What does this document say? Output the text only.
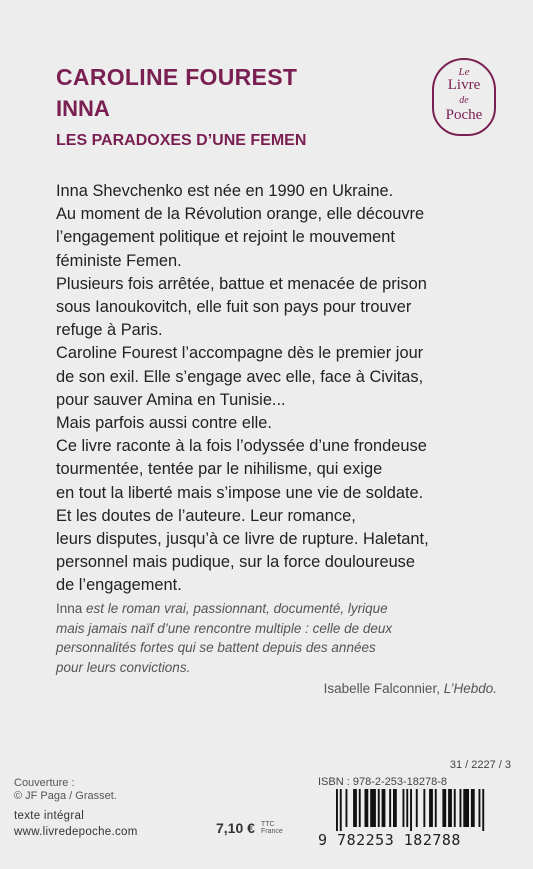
CAROLINE FOUREST
INNA
LES PARADOXES D’UNE FEMEN
Le
Livre
de
Poche

Inna Shevchenko est née en 1990 en Ukraine.

Au moment de la Révolution orange, elle découvre

l’engagement politique et rejoint le mouvement

féministe Femen.

Plusieurs fois arrêtée, battue et menacée de prison

sous Ianoukovitch, elle fuit son pays pour trouver

refuge à Paris.

Caroline Fourest l’accompagne dès le premier jour

de son exil. Elle s’engage avec elle, face à Civitas,

pour sauver Amina en Tunisie...

Mais parfois aussi contre elle.

Ce livre raconte à la fois l’odyssée d’une frondeuse

tourmentée, tentée par le nihilisme, qui exige

en tout la liberté mais s’impose une vie de soldate.

Et les doutes de l’auteure. Leur romance,

leurs disputes, jusqu’à ce livre de rupture. Haletant,

personnel mais pudique, sur la force douloureuse

de l’engagement.

Inna est le roman vrai, passionnant, documenté, lyrique
mais jamais naïf d’une rencontre multiple : celle de deux
personnalités fortes qui se battent depuis des années
pour leurs convictions.
Isabelle Falconnier, L’Hebdo.
Couverture :
© JF Paga / Grasset.
texte intégral
www.livredepoche.com	7,10 € TTC
France
31 / 2227 / 3
ISBN : 978-2-253-18278-8
9 782253 182788
